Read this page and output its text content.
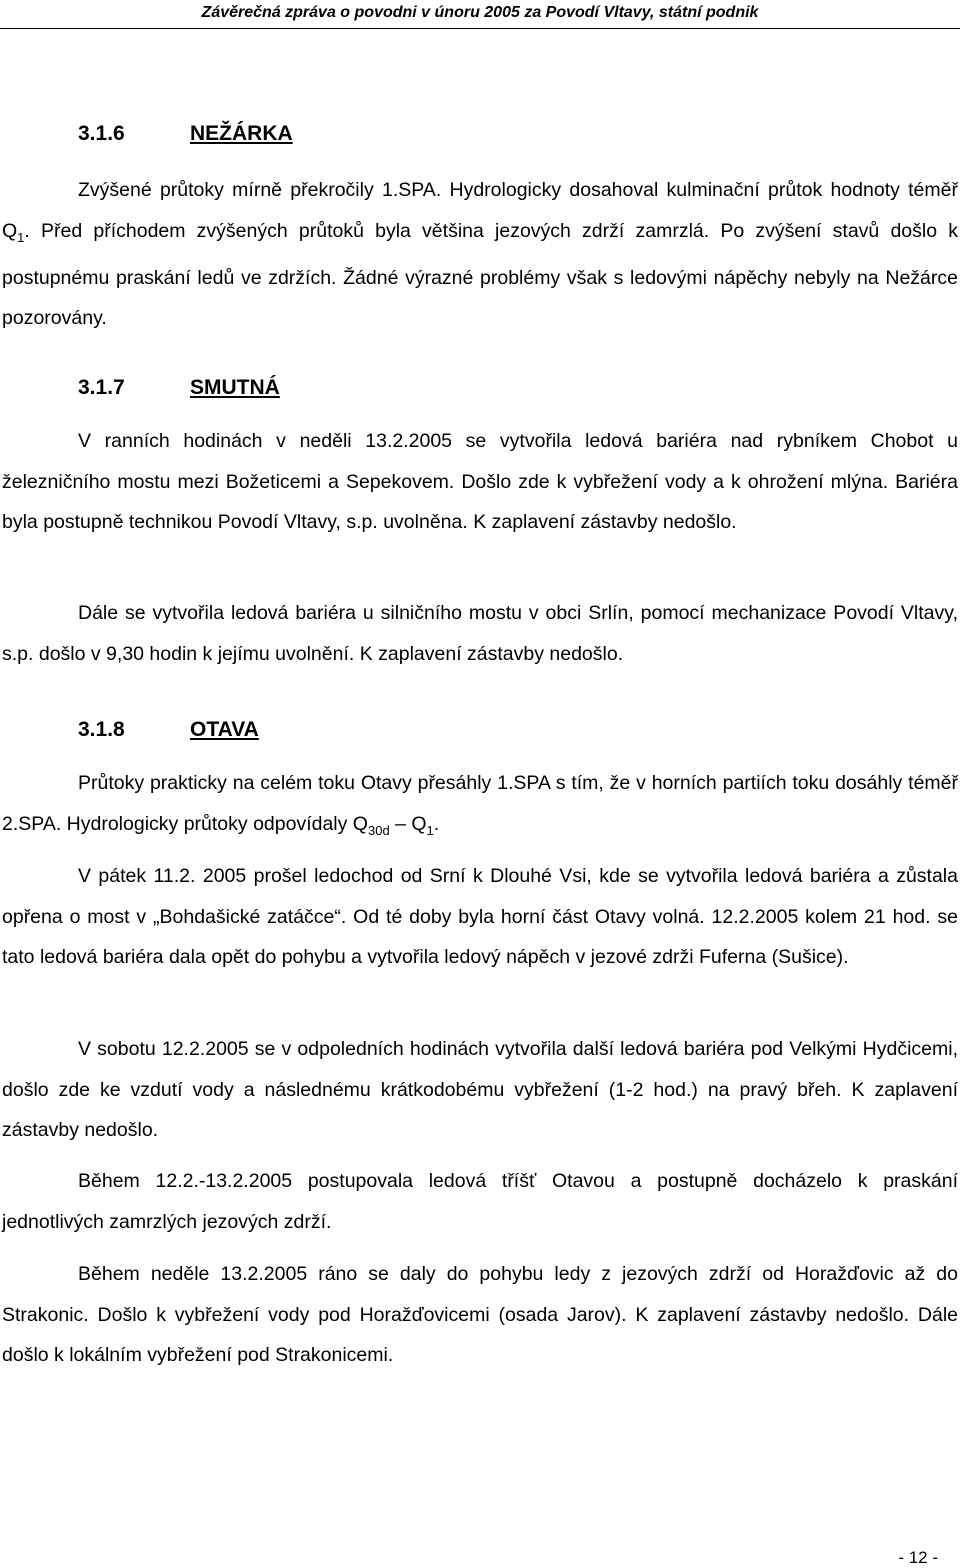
Závěrečná zpráva o povodni v únoru 2005 za Povodí Vltavy, státní podnik
3.1.6	NEŽÁRKA

Zvýšené průtoky mírně překročily 1.SPA. Hydrologicky dosahoval kulminační průtok hodnoty téměř $Q_1$. Před příchodem zvýšených průtoků byla většina jezových zdrží zamrzlá. Po zvýšení stavů došlo k postupnému praskání ledů ve zdržích. Žádné výrazné problémy však s ledovými nápěchy nebyly na Nežárce pozorovány.

3.1.7	SMUTNÁ

V ranních hodinách v neděli 13.2.2005 se vytvořila ledová bariéra nad rybníkem Chobot u železničního mostu mezi Božeticemi a Sepekovem. Došlo zde k vybřežení vody a k ohrožení mlýna. Bariéra byla postupně technikou Povodí Vltavy, s.p. uvolněna. K zaplavení zástavby nedošlo.

Dále se vytvořila ledová bariéra u silničního mostu v obci Srlín, pomocí mechanizace Povodí Vltavy, s.p. došlo v 9,30 hodin k jejímu uvolnění. K zaplavení zástavby nedošlo.

3.1.8	OTAVA

Průtoky prakticky na celém toku Otavy přesáhly 1.SPA s tím, že v horních partiích toku dosáhly téměř 2.SPA. Hydrologicky průtoky odpovídaly $Q_{30d} - Q_1$.

V pátek 11.2. 2005 prošel ledochod od Srní k Dlouhé Vsi, kde se vytvořila ledová bariéra a zůstala opřena o most v „Bohdašické zatáčce“. Od té doby byla horní část Otavy volná. 12.2.2005 kolem 21 hod. se tato ledová bariéra dala opět do pohybu a vytvořila ledový nápěch v jezové zdrži Fuferna (Sušice).

V sobotu 12.2.2005 se v odpoledních hodinách vytvořila další ledová bariéra pod Velkými Hydčicemi, došlo zde ke vzdutí vody a následnému krátkodobému vybřežení (1-2 hod.) na pravý břeh. K zaplavení zástavby nedošlo.

Během 12.2.-13.2.2005 postupovala ledová tříšť Otavou a postupně docházelo k praskání jednotlivých zamrzlých jezových zdrží.

Během neděle 13.2.2005 ráno se daly do pohybu ledy z jezových zdrží od Horažďovic až do Strakonic. Došlo k vybřežení vody pod Horažďovicemi (osada Jarov). K zaplavení zástavby nedošlo. Dále došlo k lokálním vybřežení pod Strakonicemi.

- 12 -
